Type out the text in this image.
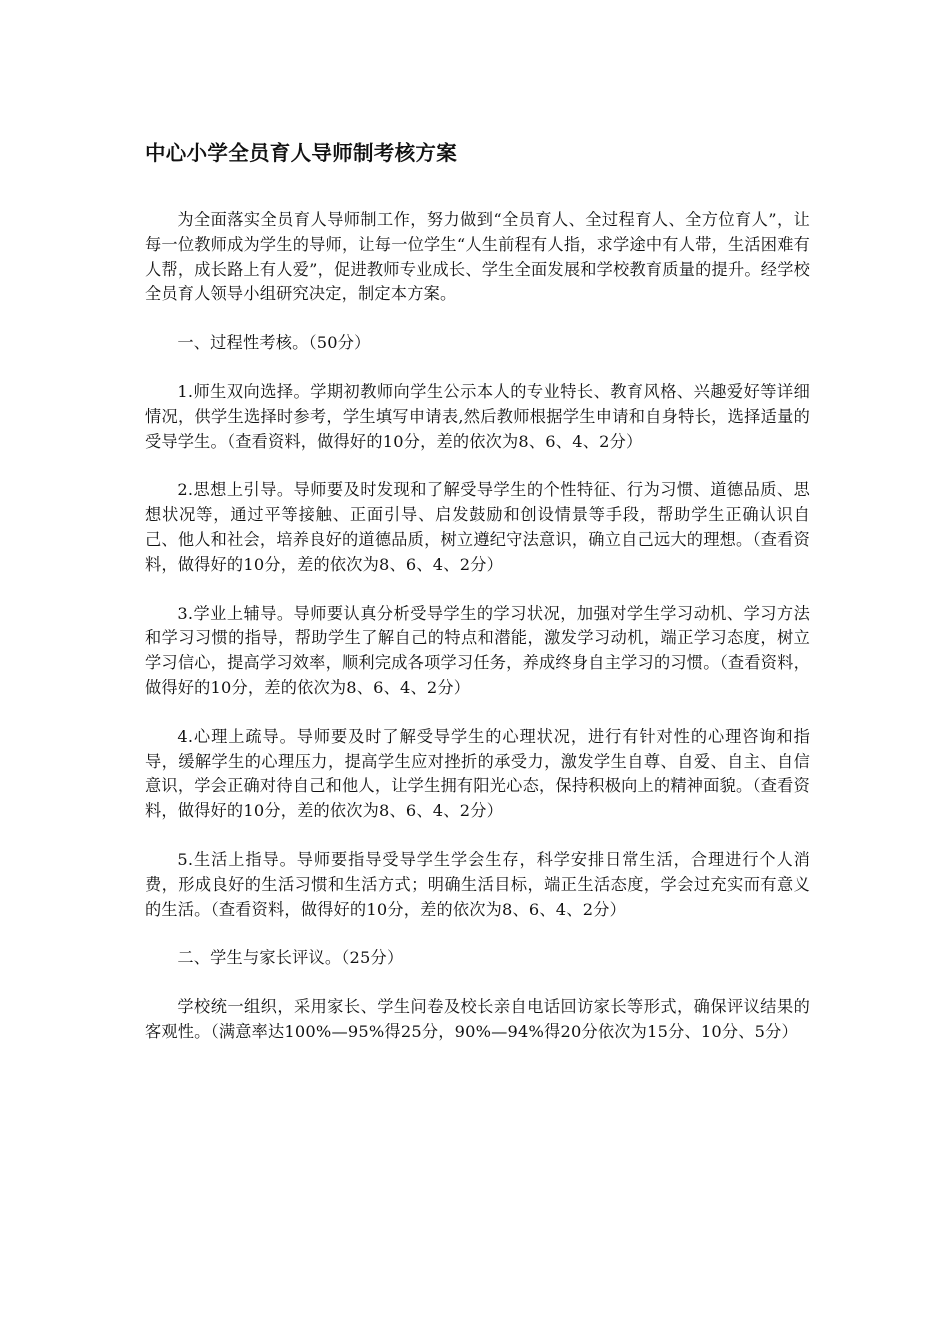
中心小学全员育人导师制考核方案

为全面落实全员育人导师制工作，努力做到“全员育人、全过程育人、全方位育人”，让每一位教师成为学生的导师，让每一位学生“人生前程有人指，求学途中有人带，生活困难有人帮，成长路上有人爱”，促进教师专业成长、学生全面发展和学校教育质量的提升。经学校全员育人领导小组研究决定，制定本方案。

一、过程性考核。（50分）

1.师生双向选择。学期初教师向学生公示本人的专业特长、教育风格、兴趣爱好等详细情况，供学生选择时参考，学生填写申请表,然后教师根据学生申请和自身特长，选择适量的受导学生。（查看资料，做得好的10分，差的依次为8、6、4、2分）

2.思想上引导。导师要及时发现和了解受导学生的个性特征、行为习惯、道德品质、思想状况等，通过平等接触、正面引导、启发鼓励和创设情景等手段，帮助学生正确认识自己、他人和社会，培养良好的道德品质，树立遵纪守法意识，确立自己远大的理想。（查看资料，做得好的10分，差的依次为8、6、4、2分）

3.学业上辅导。导师要认真分析受导学生的学习状况，加强对学生学习动机、学习方法和学习习惯的指导，帮助学生了解自己的特点和潜能，激发学习动机，端正学习态度，树立学习信心，提高学习效率，顺利完成各项学习任务，养成终身自主学习的习惯。（查看资料，做得好的10分，差的依次为8、6、4、2分）

4.心理上疏导。导师要及时了解受导学生的心理状况，进行有针对性的心理咨询和指导，缓解学生的心理压力，提高学生应对挫折的承受力，激发学生自尊、自爱、自主、自信意识，学会正确对待自己和他人，让学生拥有阳光心态，保持积极向上的精神面貌。（查看资料，做得好的10分，差的依次为8、6、4、2分）

5.生活上指导。导师要指导受导学生学会生存，科学安排日常生活，合理进行个人消费，形成良好的生活习惯和生活方式；明确生活目标，端正生活态度，学会过充实而有意义的生活。（查看资料，做得好的10分，差的依次为8、6、4、2分）

二、学生与家长评议。（25分）

学校统一组织，采用家长、学生问卷及校长亲自电话回访家长等形式，确保评议结果的客观性。（满意率达100%—95%得25分，90%—94%得20分依次为15分、10分、5分）
